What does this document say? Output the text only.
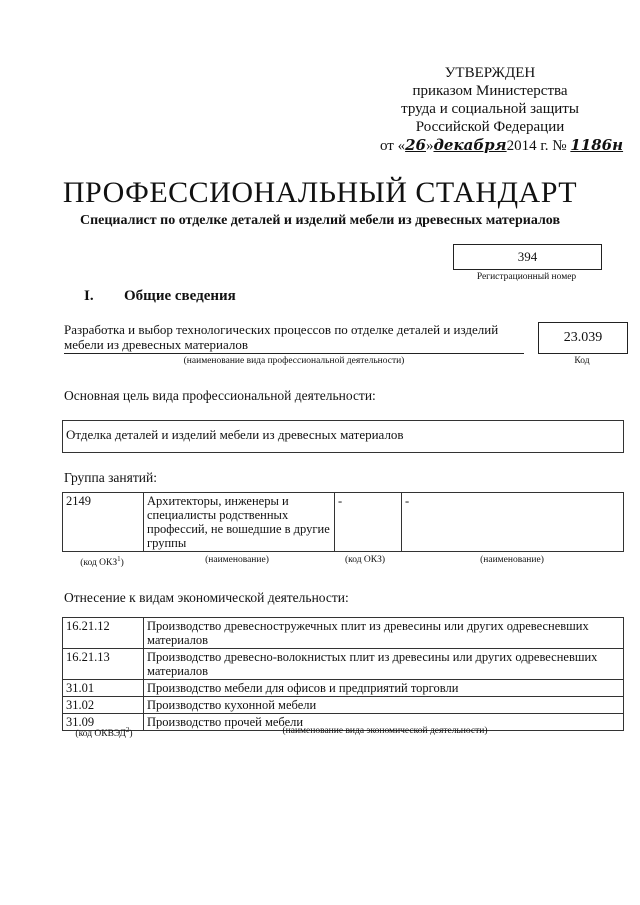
УТВЕРЖДЕН
приказом Министерства
труда и социальной защиты
Российской Федерации
от «26»декабря2014 г. № 1186н
ПРОФЕССИОНАЛЬНЫЙ СТАНДАРТ
Специалист по отделке деталей и изделий мебели из древесных материалов
394
Регистрационный номер
I. Общие сведения
Разработка и выбор технологических процессов по отделке деталей и изделий
мебели из древесных материалов
(наименование вида профессиональной деятельности)
23.039
Код
Основная цель вида профессиональной деятельности:
Отделка деталей и изделий мебели из древесных материалов
Группа занятий:
2149	Архитекторы, инженеры и специалисты родственных профессий, не вошедшие в другие группы	-	-
(код ОКЗ$^1$)	(наименование)	(код ОКЗ)	(наименование)
Отнесение к видам экономической деятельности:
16.21.12	Производство древесностружечных плит из древесины или других одревесневших материалов
16.21.13	Производство древесно-волокнистых плит из древесины или других одревесневших материалов
31.01	Производство мебели для офисов и предприятий торговли
31.02	Производство кухонной мебели
31.09	Производство прочей мебели
(код ОКВЭД$^2$)	(наименование вида экономической деятельности)
